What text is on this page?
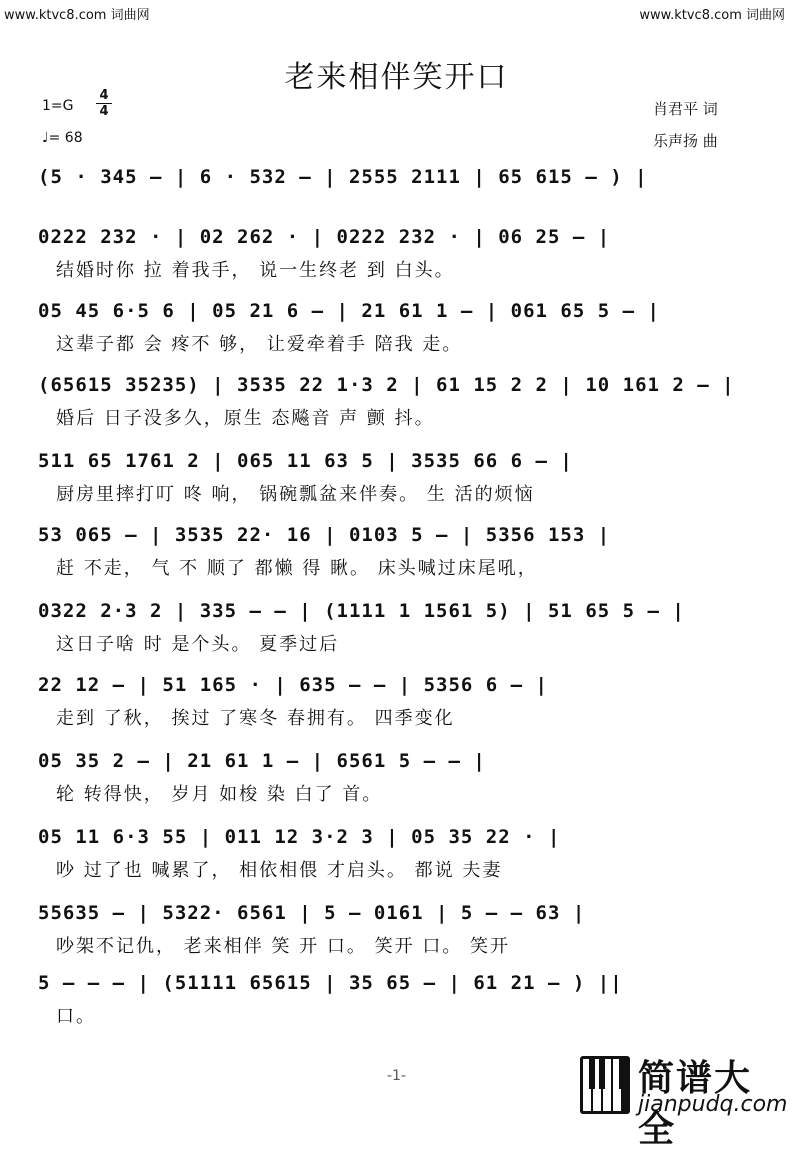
www.ktvc8.com 词曲网	www.ktvc8.com 词曲网
老来相伴笑开口
$1=G \frac{4}{4}$
♩= 68
肖君平 词
乐声扬 曲
(5 · 345 – | 6 · 532 – | 2555 2111 | 65 615 – ) |
0222 232 · | 02 262 · | 0222 232 · | 06 25 – |
结婚时你 拉 着我手， 说一生终老 到 白头。
05 45 6·5 6 | 05 21 6 – | 21 61 1 – | 061 65 5 – |
这辈子都 会 疼不 够， 让爱牵着手 陪我 走。
(65615 35235) | 3535 22 1·3 2 | 61 15 2 2 | 10 161 2 – |
婚后 日子没多久，原生 态飚音 声 颤 抖。
511 65 1761 2 | 065 11 63 5 | 3535 66 6 – |
厨房里摔打叮 咚 响， 锅碗瓢盆来伴奏。 生 活的烦恼
53 065 – | 3535 22· 16 | 0103 5 – | 5356 153 |
赶 不走， 气 不 顺了 都懒 得 瞅。 床头喊过床尾吼，
0322 2·3 2 | 335 – – | (1111 1 1561 5) | 51 65 5 – |
这日子啥 时 是个头。 夏季过后
22 12 – | 51 165 · | 635 – – | 5356 6 – |
走到 了秋， 挨过 了寒冬 春拥有。 四季变化
05 35 2 – | 21 61 1 – | 6561 5 – – |
轮 转得快， 岁月 如梭 染 白了 首。
05 11 6·3 55 | 011 12 3·2 3 | 05 35 22 · |
吵 过了也 喊累了， 相依相偎 才启头。 都说 夫妻
55635 – | 5322· 6561 | 5 – 0161 | 5 – – 63 |
吵架不记仇， 老来相伴 笑 开 口。 笑开 口。 笑开
5 – – – | (51111 65615 | 35 65 – | 61 21 – ) ||
口。
-1-	简谱大全
jianpudq.com
